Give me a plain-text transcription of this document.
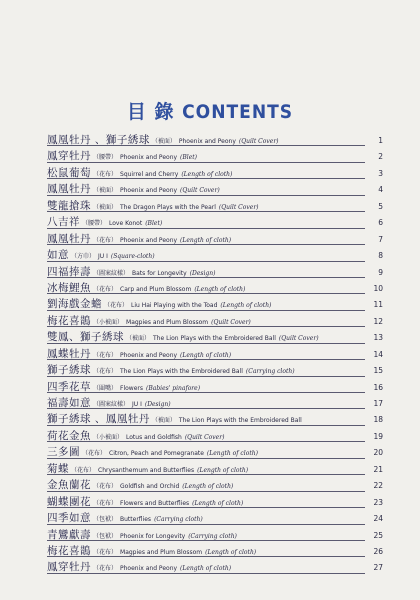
目 錄 CONTENTS
鳳凰牡丹 、獅子綉球 （被面） Phoenix and Peony (Quilt Cover)	1
鳳穿牡丹 （腰帶） Phoenix and Peony (Blet)	2
松鼠葡萄 （花布） Squirrel and Cherry (Length of cloth)	3
鳳凰牡丹 （被面） Phoenix and Peony (Quilt Cover)	4
雙龍搶珠 （被面） The Dragon Plays with the Pearl (Quilt Cover)	5
八吉祥 （腰帶） Love Konot (Blet)	6
鳳凰牡丹 （花布） Phoenix and Peony (Length of cloth)	7
如意 （方巾） JU I (Square-cloth)	8
四福捧壽 （圖案紋樣） Bats for Longevity (Design)	9
冰梅鯉魚 （花布） Carp and Plum Blossom (Length of cloth)	10
劉海戲金蟾 （花布） Liu Hai Playing with the Toad (Length of cloth)	11
梅花喜鵲 （小被面） Magpies and Plum Blossom (Quilt Cover)	12
雙鳳、獅子綉球 （被面） The Lion Plays with the Embroidered Ball (Quilt Cover)	13
鳳蝶牡丹 （花布） Phoenix and Peony (Length of cloth)	14
獅子綉球 （花布） The Lion Plays with the Embroidered Ball (Carrying cloth)	15
四季花草 （圍嘴） Flowers (Babies' pinafore)	16
福壽如意 （圖案紋樣） JU I (Design)	17
獅子綉球 、鳳凰牡丹 （被面） The Lion Plays with the Embroidered Ball	18
荷花金魚 （小被面） Lotus and Goldfish (Quilt Cover)	19
三多圖 （花布） Citron, Peach and Pomegranate (Length of cloth)	20
菊蝶 （花布） Chrysanthemum and Butterflies (Length of cloth)	21
金魚蘭花 （花布） Goldfish and Orchid (Length of cloth)	22
蝴蝶團花 （花布） Flowers and Butterflies (Length of cloth)	23
四季如意 （包袱） Butterflies (Carrying cloth)	24
青鸞獻壽 （包袱） Phoenix for Longevity (Carrying cloth)	25
梅花喜鵲 （花布） Magpies and Plum Blossom (Length of cloth)	26
鳳穿牡丹 （花布） Phoenix and Peony (Length of cloth)	27
